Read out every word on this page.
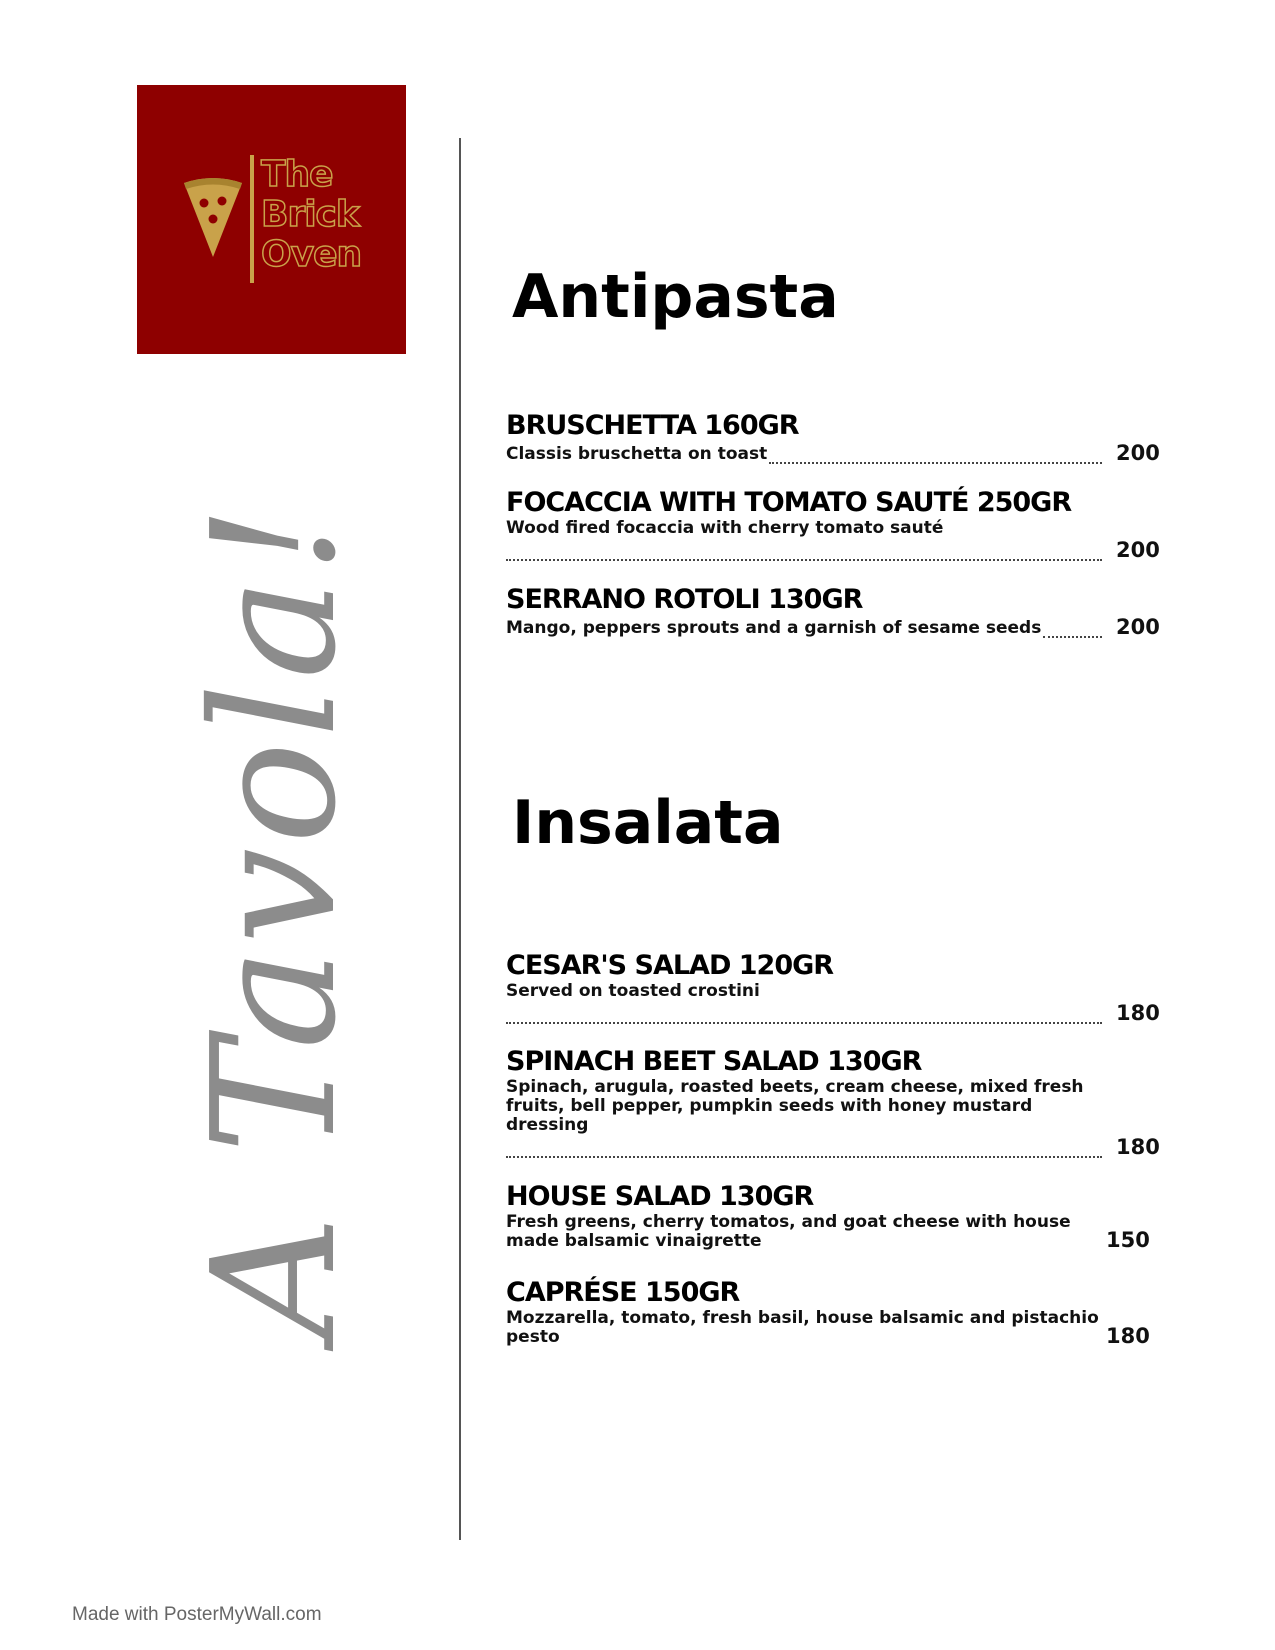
The
Brick
Oven
A Tavola!
Antipasta
BRUSCHETTA 160GR
Classis bruschetta on toast	200
FOCACCIA WITH TOMATO SAUTÉ 250GR
Wood fired focaccia with cherry tomato sauté
200
SERRANO ROTOLI 130GR
Mango, peppers sprouts and a garnish of sesame seeds	200
Insalata
CESAR'S SALAD 120GR
Served on toasted crostini
180
SPINACH BEET SALAD 130GR
Spinach, arugula, roasted beets, cream cheese, mixed fresh fruits, bell pepper, pumpkin seeds with honey mustard dressing
180
HOUSE SALAD 130GR
Fresh greens, cherry tomatos, and goat cheese with house made balsamic vinaigrette	150
CAPRÉSE 150GR
Mozzarella, tomato, fresh basil, house balsamic and pistachio pesto	180
Made with PosterMyWall.com
